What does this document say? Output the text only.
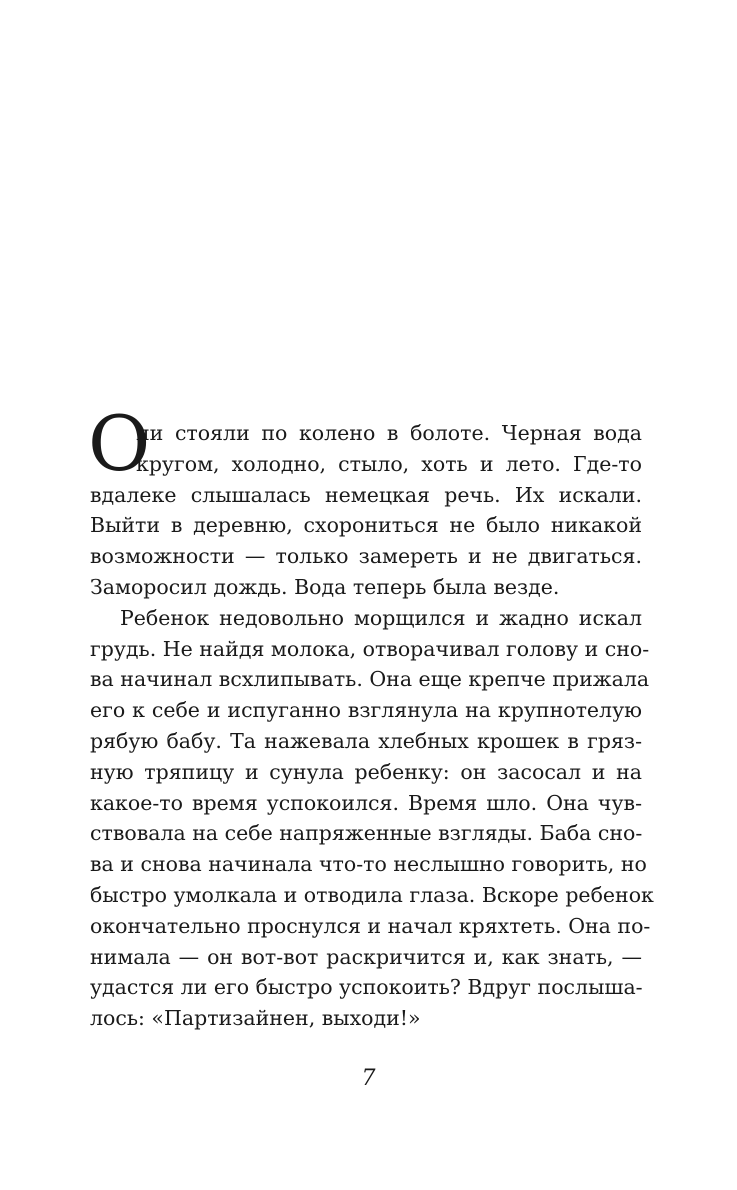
О
ни стояли по колено в болоте. Черная вода
кругом, холодно, стыло, хоть и лето. Где-то
вдалеке слышалась немецкая речь. Их искали.
Выйти в деревню, схорониться не было никакой
возможности — только замереть и не двигаться.
Заморосил дождь. Вода теперь была везде.
Ребенок недовольно морщился и жадно искал
грудь. Не найдя молока, отворачивал голову и сно-
ва начинал всхлипывать. Она еще крепче прижала
его к себе и испуганно взглянула на крупнотелую
рябую бабу. Та нажевала хлебных крошек в гряз-
ную тряпицу и сунула ребенку: он засосал и на
какое-то время успокоился. Время шло. Она чув-
ствовала на себе напряженные взгляды. Баба сно-
ва и снова начинала что-то неслышно говорить, но
быстро умолкала и отводила глаза. Вскоре ребенок
окончательно проснулся и начал кряхтеть. Она по-
нимала — он вот-вот раскричится и, как знать, —
удастся ли его быстро успокоить? Вдруг послыша-
лось: «Партизайнен, выходи!»
7
